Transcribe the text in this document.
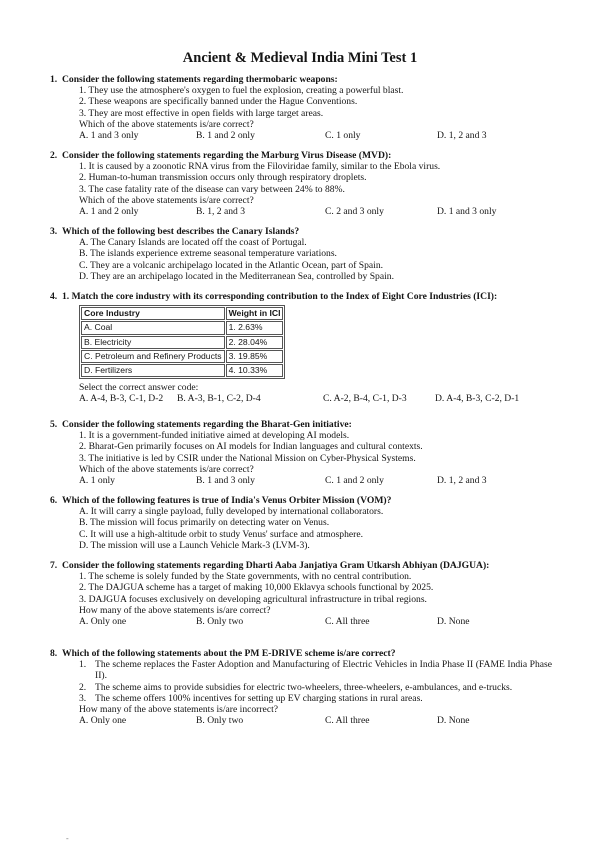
Ancient & Medieval India Mini Test 1
1. Consider the following statements regarding thermobaric weapons:
1. They use the atmosphere's oxygen to fuel the explosion, creating a powerful blast.
2. These weapons are specifically banned under the Hague Conventions.
3. They are most effective in open fields with large target areas.
Which of the above statements is/are correct?
A. 1 and 3 only	B. 1 and 2 only	C. 1 only	D. 1, 2 and 3
2. Consider the following statements regarding the Marburg Virus Disease (MVD):
1. It is caused by a zoonotic RNA virus from the Filoviridae family, similar to the Ebola virus.
2. Human-to-human transmission occurs only through respiratory droplets.
3. The case fatality rate of the disease can vary between 24% to 88%.
Which of the above statements is/are correct?
A. 1 and 2 only	B. 1, 2 and 3	C. 2 and 3 only	D. 1 and 3 only
3. Which of the following best describes the Canary Islands?
A. The Canary Islands are located off the coast of Portugal.
B. The islands experience extreme seasonal temperature variations.
C. They are a volcanic archipelago located in the Atlantic Ocean, part of Spain.
D. They are an archipelago located in the Mediterranean Sea, controlled by Spain.
4. 1. Match the core industry with its corresponding contribution to the Index of Eight Core Industries (ICI):
Core Industry	Weight in ICI
A. Coal	1. 2.63%
B. Electricity	2. 28.04%
C. Petroleum and Refinery Products	3. 19.85%
D. Fertilizers	4. 10.33%
Select the correct answer code:
A. A-4, B-3, C-1, D-2 B. A-3, B-1, C-2, D-4	C. A-2, B-4, C-1, D-3	D. A-4, B-3, C-2, D-1
5. Consider the following statements regarding the Bharat-Gen initiative:
1. It is a government-funded initiative aimed at developing AI models.
2. Bharat-Gen primarily focuses on AI models for Indian languages and cultural contexts.
3. The initiative is led by CSIR under the National Mission on Cyber-Physical Systems.
Which of the above statements is/are correct?
A. 1 only	B. 1 and 3 only	C. 1 and 2 only	D. 1, 2 and 3
6. Which of the following features is true of India's Venus Orbiter Mission (VOM)?
A. It will carry a single payload, fully developed by international collaborators.
B. The mission will focus primarily on detecting water on Venus.
C. It will use a high-altitude orbit to study Venus' surface and atmosphere.
D. The mission will use a Launch Vehicle Mark-3 (LVM-3).
7. Consider the following statements regarding Dharti Aaba Janjatiya Gram Utkarsh Abhiyan (DAJGUA):
1. The scheme is solely funded by the State governments, with no central contribution.
2. The DAJGUA scheme has a target of making 10,000 Eklavya schools functional by 2025.
3. DAJGUA focuses exclusively on developing agricultural infrastructure in tribal regions.
How many of the above statements is/are correct?
A. Only one	B. Only two	C. All three	D. None
8. Which of the following statements about the PM E-DRIVE scheme is/are correct?
1. The scheme replaces the Faster Adoption and Manufacturing of Electric Vehicles in India Phase II (FAME India Phase II).
2. The scheme aims to provide subsidies for electric two-wheelers, three-wheelers, e-ambulances, and e-trucks.
3. The scheme offers 100% incentives for setting up EV charging stations in rural areas.
How many of the above statements is/are incorrect?
A. Only one	B. Only two	C. All three	D. None
-
